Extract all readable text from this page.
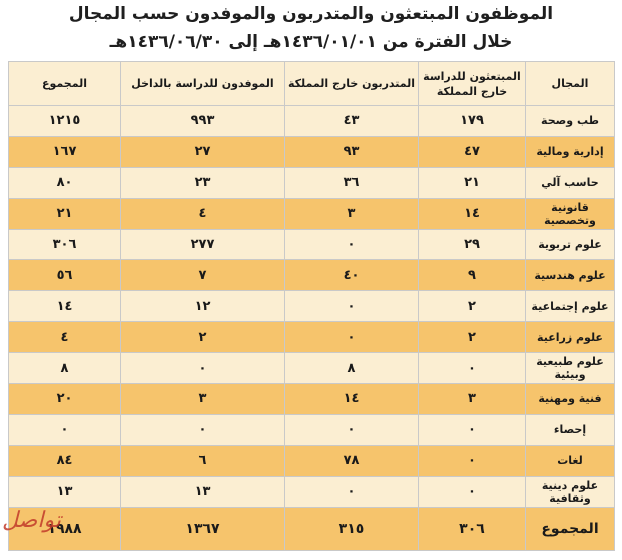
الموظفون المبتعثون والمتدربون والموفدون حسب المجال
خلال الفترة من ١٤٣٦/٠١/٠١هـ إلى ١٤٣٦/٠٦/٣٠هـ
المجال	المبتعثون للدراسة خارج المملكة	المتدربون خارج المملكة	الموفدون للدراسة بالداخل	المجموع
طب وصحة	١٧٩	٤٣	٩٩٣	١٢١٥
إدارية ومالية	٤٧	٩٣	٢٧	١٦٧
حاسب آلي	٢١	٣٦	٢٣	٨٠
قانونية وتخصصية	١٤	٣	٤	٢١
علوم تربوية	٢٩	٠	٢٧٧	٣٠٦
علوم هندسية	٩	٤٠	٧	٥٦
علوم إجتماعية	٢	٠	١٢	١٤
علوم زراعية	٢	٠	٢	٤
علوم طبيعية وبيئية	٠	٨	٠	٨
فنية ومهنية	٣	١٤	٣	٢٠
إحصاء	٠	٠	٠	٠
لغات	٠	٧٨	٦	٨٤
علوم دينية وثقافية	٠	٠	١٣	١٣
المجموع	٣٠٦	٣١٥	١٣٦٧	١٩٨٨
تواصل
